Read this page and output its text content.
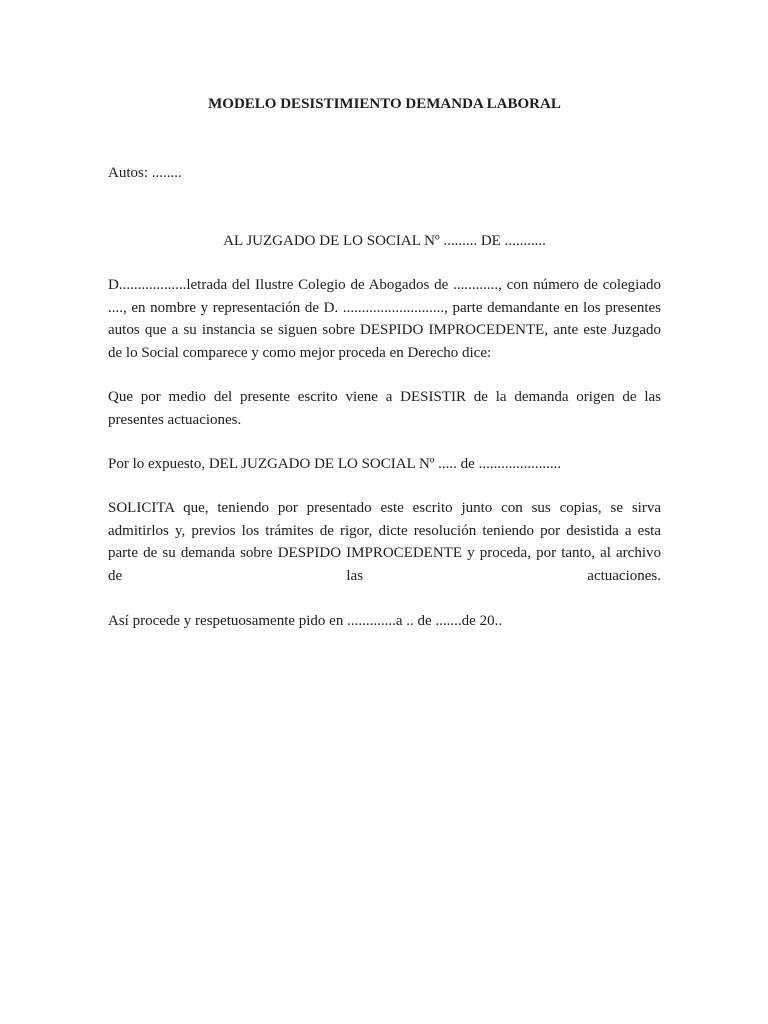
MODELO DESISTIMIENTO DEMANDA LABORAL
Autos: ........
AL JUZGADO DE LO SOCIAL Nº ......... DE ...........
D..................letrada del Ilustre Colegio de Abogados de ............, con número de colegiado
...., en nombre y representación de D. ..........................., parte demandante en los presentes
autos que a su instancia se siguen sobre DESPIDO IMPROCEDENTE, ante este Juzgado
de lo Social comparece y como mejor proceda en Derecho dice:
Que por medio del presente escrito viene a DESISTIR de la demanda origen de las
presentes actuaciones.
Por lo expuesto, DEL JUZGADO DE LO SOCIAL Nº ..... de ......................
SOLICITA que, teniendo por presentado este escrito junto con sus copias, se sirva
admitirlos y, previos los trámites de rigor, dicte resolución teniendo por desistida a esta
parte de su demanda sobre DESPIDO IMPROCEDENTE y proceda, por tanto, al archivo
de las actuaciones.
Así procede y respetuosamente pido en .............a .. de .......de 20..
